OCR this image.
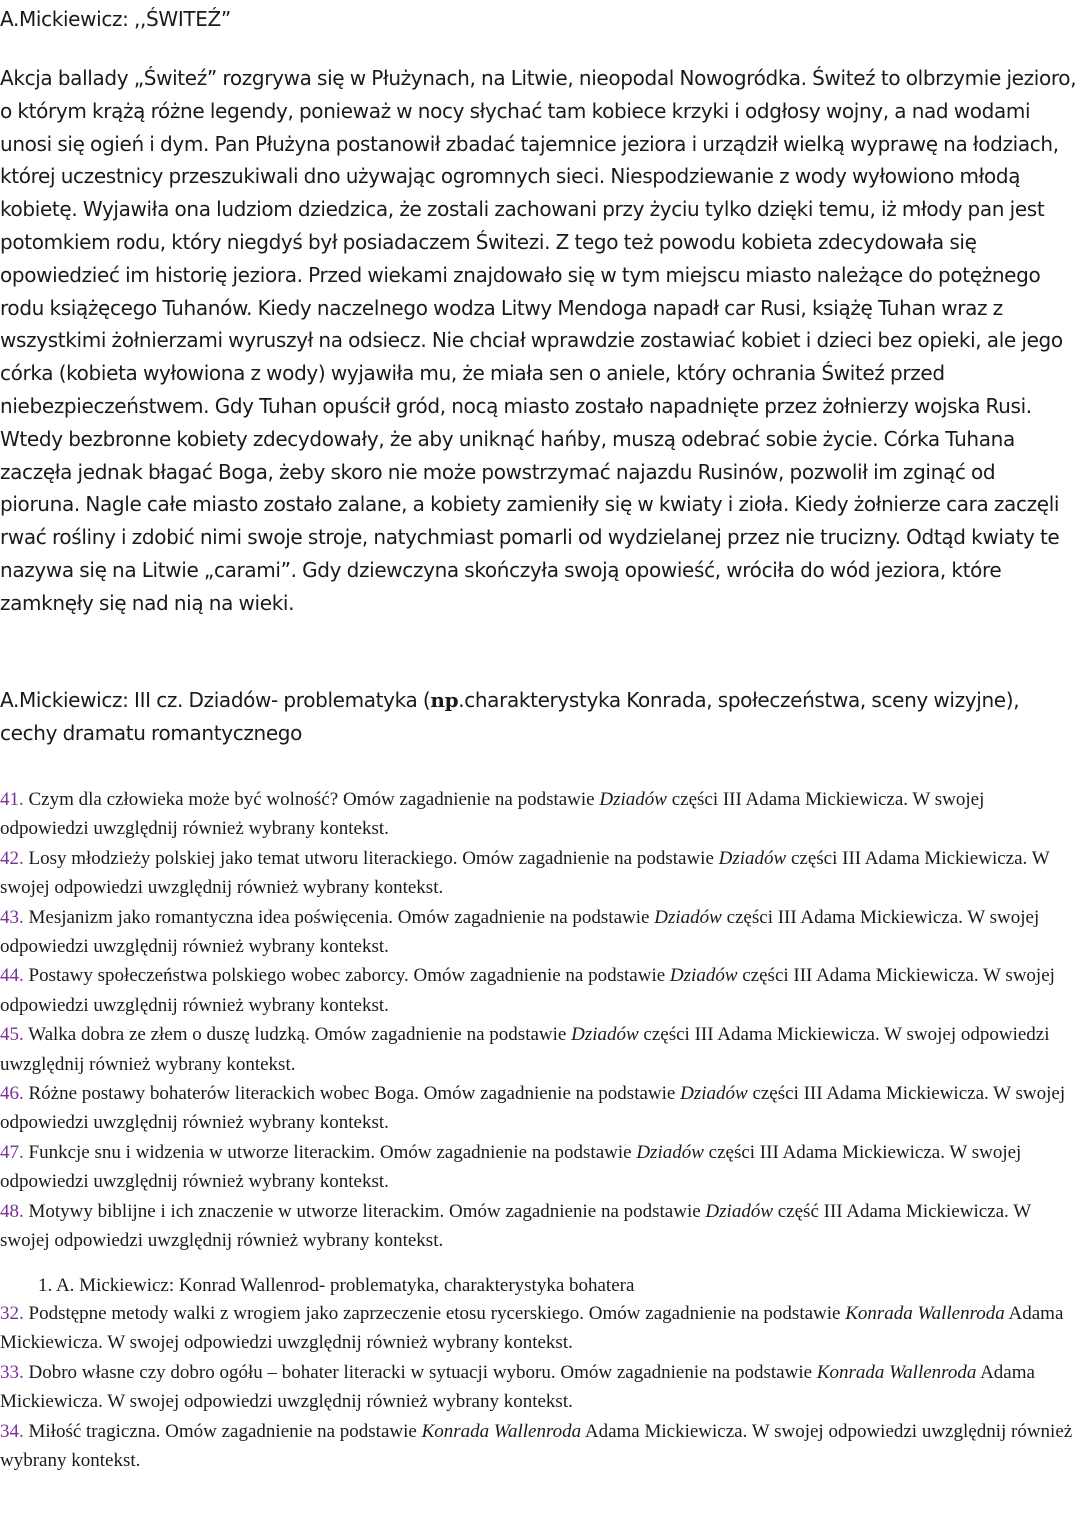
A.Mickiewicz: ,,ŚWITEŹ”

Akcja ballady „Świteź” rozgrywa się w Płużynach, na Litwie, nieopodal Nowogródka. Świteź to olbrzymie jezioro, o którym krążą różne legendy, ponieważ w nocy słychać tam kobiece krzyki i odgłosy wojny, a nad wodami unosi się ogień i dym. Pan Płużyna postanowił zbadać tajemnice jeziora i urządził wielką wyprawę na łodziach, której uczestnicy przeszukiwali dno używając ogromnych sieci. Niespodziewanie z wody wyłowiono młodą kobietę. Wyjawiła ona ludziom dziedzica, że zostali zachowani przy życiu tylko dzięki temu, iż młody pan jest potomkiem rodu, który niegdyś był posiadaczem Świtezi. Z tego też powodu kobieta zdecydowała się opowiedzieć im historię jeziora. Przed wiekami znajdowało się w tym miejscu miasto należące do potężnego rodu książęcego Tuhanów. Kiedy naczelnego wodza Litwy Mendoga napadł car Rusi, książę Tuhan wraz z wszystkimi żołnierzami wyruszył na odsiecz. Nie chciał wprawdzie zostawiać kobiet i dzieci bez opieki, ale jego córka (kobieta wyłowiona z wody) wyjawiła mu, że miała sen o aniele, który ochrania Świteź przed niebezpieczeństwem. Gdy Tuhan opuścił gród, nocą miasto zostało napadnięte przez żołnierzy wojska Rusi. Wtedy bezbronne kobiety zdecydowały, że aby uniknąć hańby, muszą odebrać sobie życie. Córka Tuhana zaczęła jednak błagać Boga, żeby skoro nie może powstrzymać najazdu Rusinów, pozwolił im zginąć od pioruna. Nagle całe miasto zostało zalane, a kobiety zamieniły się w kwiaty i zioła. Kiedy żołnierze cara zaczęli rwać rośliny i zdobić nimi swoje stroje, natychmiast pomarli od wydzielanej przez nie trucizny. Odtąd kwiaty te nazywa się na Litwie „carami”. Gdy dziewczyna skończyła swoją opowieść, wróciła do wód jeziora, które zamknęły się nad nią na wieki.

A.Mickiewicz: III cz. Dziadów- problematyka (np.charakterystyka Konrada, społeczeństwa, sceny wizyjne), cechy dramatu romantycznego

41. Czym dla człowieka może być wolność? Omów zagadnienie na podstawie Dziadów części III Adama Mickiewicza. W swojej odpowiedzi uwzględnij również wybrany kontekst.
42. Losy młodzieży polskiej jako temat utworu literackiego. Omów zagadnienie na podstawie Dziadów części III Adama Mickiewicza. W swojej odpowiedzi uwzględnij również wybrany kontekst.
43. Mesjanizm jako romantyczna idea poświęcenia. Omów zagadnienie na podstawie Dziadów części III Adama Mickiewicza. W swojej odpowiedzi uwzględnij również wybrany kontekst.
44. Postawy społeczeństwa polskiego wobec zaborcy. Omów zagadnienie na podstawie Dziadów części III Adama Mickiewicza. W swojej odpowiedzi uwzględnij również wybrany kontekst.
45. Walka dobra ze złem o duszę ludzką. Omów zagadnienie na podstawie Dziadów części III Adama Mickiewicza. W swojej odpowiedzi uwzględnij również wybrany kontekst.
46. Różne postawy bohaterów literackich wobec Boga. Omów zagadnienie na podstawie Dziadów części III Adama Mickiewicza. W swojej odpowiedzi uwzględnij również wybrany kontekst.
47. Funkcje snu i widzenia w utworze literackim. Omów zagadnienie na podstawie Dziadów części III Adama Mickiewicza. W swojej odpowiedzi uwzględnij również wybrany kontekst.
48. Motywy biblijne i ich znaczenie w utworze literackim. Omów zagadnienie na podstawie Dziadów część III Adama Mickiewicza. W swojej odpowiedzi uwzględnij również wybrany kontekst.
1. A. Mickiewicz: Konrad Wallenrod- problematyka, charakterystyka bohatera
32. Podstępne metody walki z wrogiem jako zaprzeczenie etosu rycerskiego. Omów zagadnienie na podstawie Konrada Wallenroda Adama Mickiewicza. W swojej odpowiedzi uwzględnij również wybrany kontekst.
33. Dobro własne czy dobro ogółu – bohater literacki w sytuacji wyboru. Omów zagadnienie na podstawie Konrada Wallenroda Adama Mickiewicza. W swojej odpowiedzi uwzględnij również wybrany kontekst.
34. Miłość tragiczna. Omów zagadnienie na podstawie Konrada Wallenroda Adama Mickiewicza. W swojej odpowiedzi uwzględnij również wybrany kontekst.
